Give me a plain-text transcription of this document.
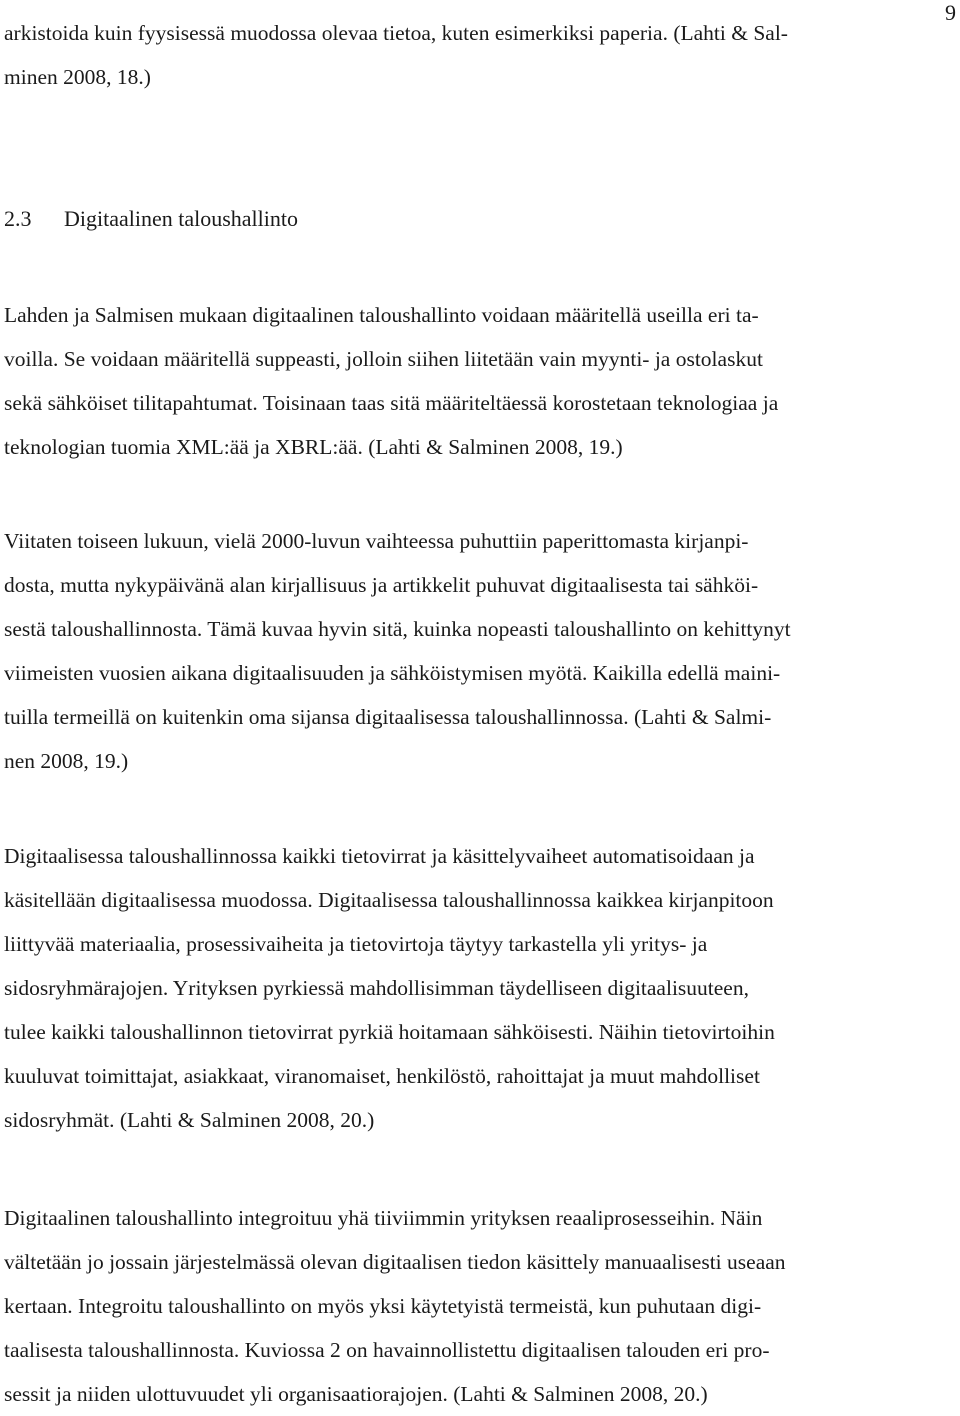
9

arkistoida kuin fyysisessä muodossa olevaa tietoa, kuten esimerkiksi paperia. (Lahti & Sal-
minen 2008, 18.)

2.3 Digitaalinen taloushallinto

Lahden ja Salmisen mukaan digitaalinen taloushallinto voidaan määritellä useilla eri ta-
voilla. Se voidaan määritellä suppeasti, jolloin siihen liitetään vain myynti- ja ostolaskut
sekä sähköiset tilitapahtumat. Toisinaan taas sitä määriteltäessä korostetaan teknologiaa ja
teknologian tuomia XML:ää ja XBRL:ää. (Lahti & Salminen 2008, 19.)

Viitaten toiseen lukuun, vielä 2000-luvun vaihteessa puhuttiin paperittomasta kirjanpi-
dosta, mutta nykypäivänä alan kirjallisuus ja artikkelit puhuvat digitaalisesta tai sähköi-
sestä taloushallinnosta. Tämä kuvaa hyvin sitä, kuinka nopeasti taloushallinto on kehittynyt
viimeisten vuosien aikana digitaalisuuden ja sähköistymisen myötä. Kaikilla edellä maini-
tuilla termeillä on kuitenkin oma sijansa digitaalisessa taloushallinnossa. (Lahti & Salmi-
nen 2008, 19.)

Digitaalisessa taloushallinnossa kaikki tietovirrat ja käsittelyvaiheet automatisoidaan ja
käsitellään digitaalisessa muodossa. Digitaalisessa taloushallinnossa kaikkea kirjanpitoon
liittyvää materiaalia, prosessivaiheita ja tietovirtoja täytyy tarkastella yli yritys- ja
sidosryhmärajojen. Yrityksen pyrkiessä mahdollisimman täydelliseen digitaalisuuteen,
tulee kaikki taloushallinnon tietovirrat pyrkiä hoitamaan sähköisesti. Näihin tietovirtoihin
kuuluvat toimittajat, asiakkaat, viranomaiset, henkilöstö, rahoittajat ja muut mahdolliset
sidosryhmät. (Lahti & Salminen 2008, 20.)

Digitaalinen taloushallinto integroituu yhä tiiviimmin yrityksen reaaliprosesseihin. Näin
vältetään jo jossain järjestelmässä olevan digitaalisen tiedon käsittely manuaalisesti useaan
kertaan. Integroitu taloushallinto on myös yksi käytetyistä termeistä, kun puhutaan digi-
taalisesta taloushallinnosta. Kuviossa 2 on havainnollistettu digitaalisen talouden eri pro-
sessit ja niiden ulottuvuudet yli organisaatiorajojen. (Lahti & Salminen 2008, 20.)
